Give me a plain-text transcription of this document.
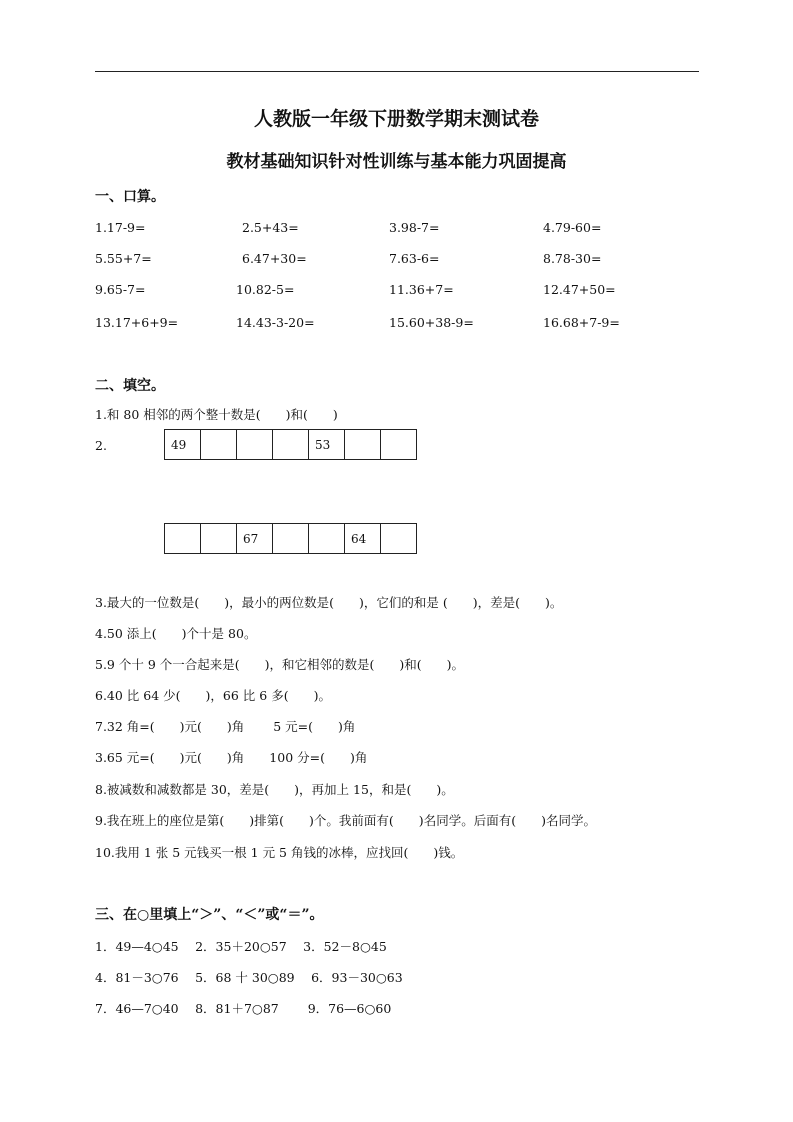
人教版一年级下册数学期末测试卷
教材基础知识针对性训练与基本能力巩固提高
一、口算。
1.17-9=	2.5+43=	3.98-7=	4.79-60=
5.55+7=	6.47+30=	7.63-6=	8.78-30=
9.65-7=	10.82-5=	11.36+7=	12.47+50=
13.17+6+9=	14.43-3-20=	15.60+38-9=	16.68+7-9=
二、填空。
1.和 80 相邻的两个整十数是(　　)和(　　)
2.	49				53		
		67			64	
3.最大的一位数是(　　)，最小的两位数是(　　)，它们的和是 (　　)，差是(　　)。
4.50 添上(　　)个十是 80。
5.9 个十 9 个一合起来是(　　)，和它相邻的数是(　　)和(　　)。
6.40 比 64 少(　　)，66 比 6 多(　　)。
7.32 角=(　　)元(　　)角　　 5 元=(　　)角
3.65 元=(　　)元(　　)角　　100 分=(　　)角
8.被减数和减数都是 30，差是(　　)，再加上 15，和是(　　)。
9.我在班上的座位是第(　　)排第(　　)个。我前面有(　　)名同学。后面有(　　)名同学。
10.我用 1 张 5 元钱买一根 1 元 5 角钱的冰棒，应找回(　　)钱。
三、在○里填上“＞”、“＜”或“＝”。
1．49—4○45　 2．35＋20○57　 3．52－8○45
4．81－3○76　 5．68 十 30○89　 6．93－30○63
7．46—7○40　 8．81＋7○87　　 9．76—6○60
